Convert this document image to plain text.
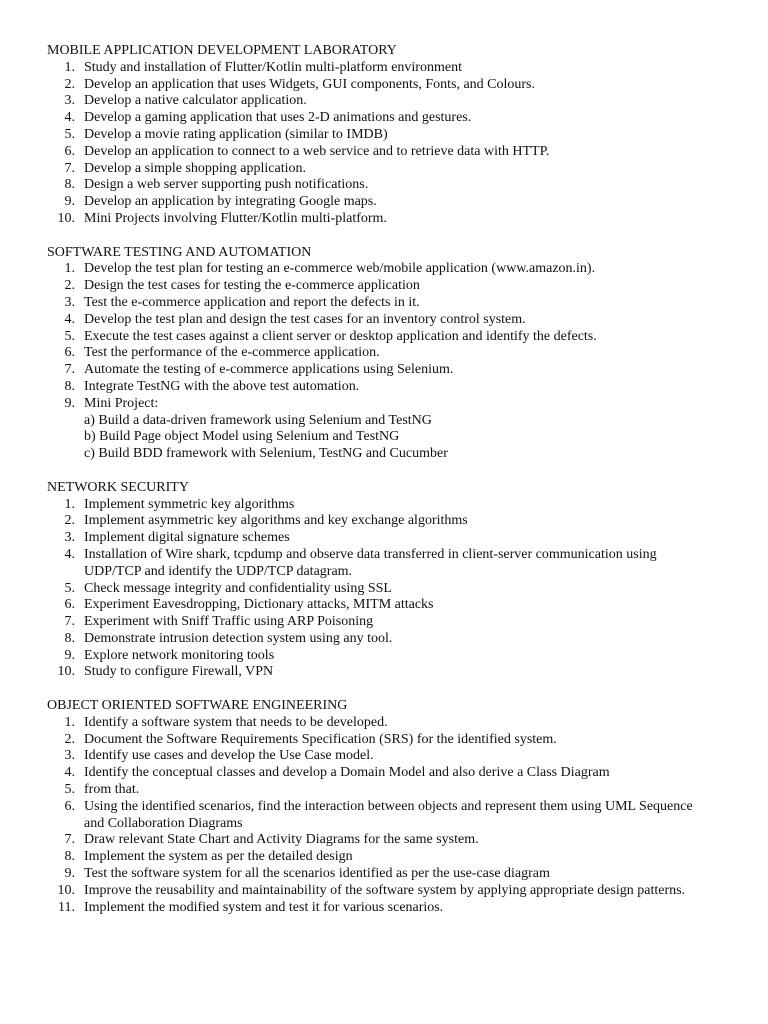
MOBILE APPLICATION DEVELOPMENT LABORATORY
1. Study and installation of Flutter/Kotlin multi-platform environment
2. Develop an application that uses Widgets, GUI components, Fonts, and Colours.
3. Develop a native calculator application.
4. Develop a gaming application that uses 2-D animations and gestures.
5. Develop a movie rating application (similar to IMDB)
6. Develop an application to connect to a web service and to retrieve data with HTTP.
7. Develop a simple shopping application.
8. Design a web server supporting push notifications.
9. Develop an application by integrating Google maps.
10. Mini Projects involving Flutter/Kotlin multi-platform.
SOFTWARE TESTING AND AUTOMATION
1. Develop the test plan for testing an e-commerce web/mobile application (www.amazon.in).
2. Design the test cases for testing the e-commerce application
3. Test the e-commerce application and report the defects in it.
4. Develop the test plan and design the test cases for an inventory control system.
5. Execute the test cases against a client server or desktop application and identify the defects.
6. Test the performance of the e-commerce application.
7. Automate the testing of e-commerce applications using Selenium.
8. Integrate TestNG with the above test automation.
9. Mini Project:
a) Build a data-driven framework using Selenium and TestNG
b) Build Page object Model using Selenium and TestNG
c) Build BDD framework with Selenium, TestNG and Cucumber
NETWORK SECURITY
1. Implement symmetric key algorithms
2. Implement asymmetric key algorithms and key exchange algorithms
3. Implement digital signature schemes
4. Installation of Wire shark, tcpdump and observe data transferred in client-server communication using UDP/TCP and identify the UDP/TCP datagram.
5. Check message integrity and confidentiality using SSL
6. Experiment Eavesdropping, Dictionary attacks, MITM attacks
7. Experiment with Sniff Traffic using ARP Poisoning
8. Demonstrate intrusion detection system using any tool.
9. Explore network monitoring tools
10. Study to configure Firewall, VPN
OBJECT ORIENTED SOFTWARE ENGINEERING
1. Identify a software system that needs to be developed.
2. Document the Software Requirements Specification (SRS) for the identified system.
3. Identify use cases and develop the Use Case model.
4. Identify the conceptual classes and develop a Domain Model and also derive a Class Diagram
5. from that.
6. Using the identified scenarios, find the interaction between objects and represent them using UML Sequence and Collaboration Diagrams
7. Draw relevant State Chart and Activity Diagrams for the same system.
8. Implement the system as per the detailed design
9. Test the software system for all the scenarios identified as per the use-case diagram
10. Improve the reusability and maintainability of the software system by applying appropriate design patterns.
11. Implement the modified system and test it for various scenarios.
